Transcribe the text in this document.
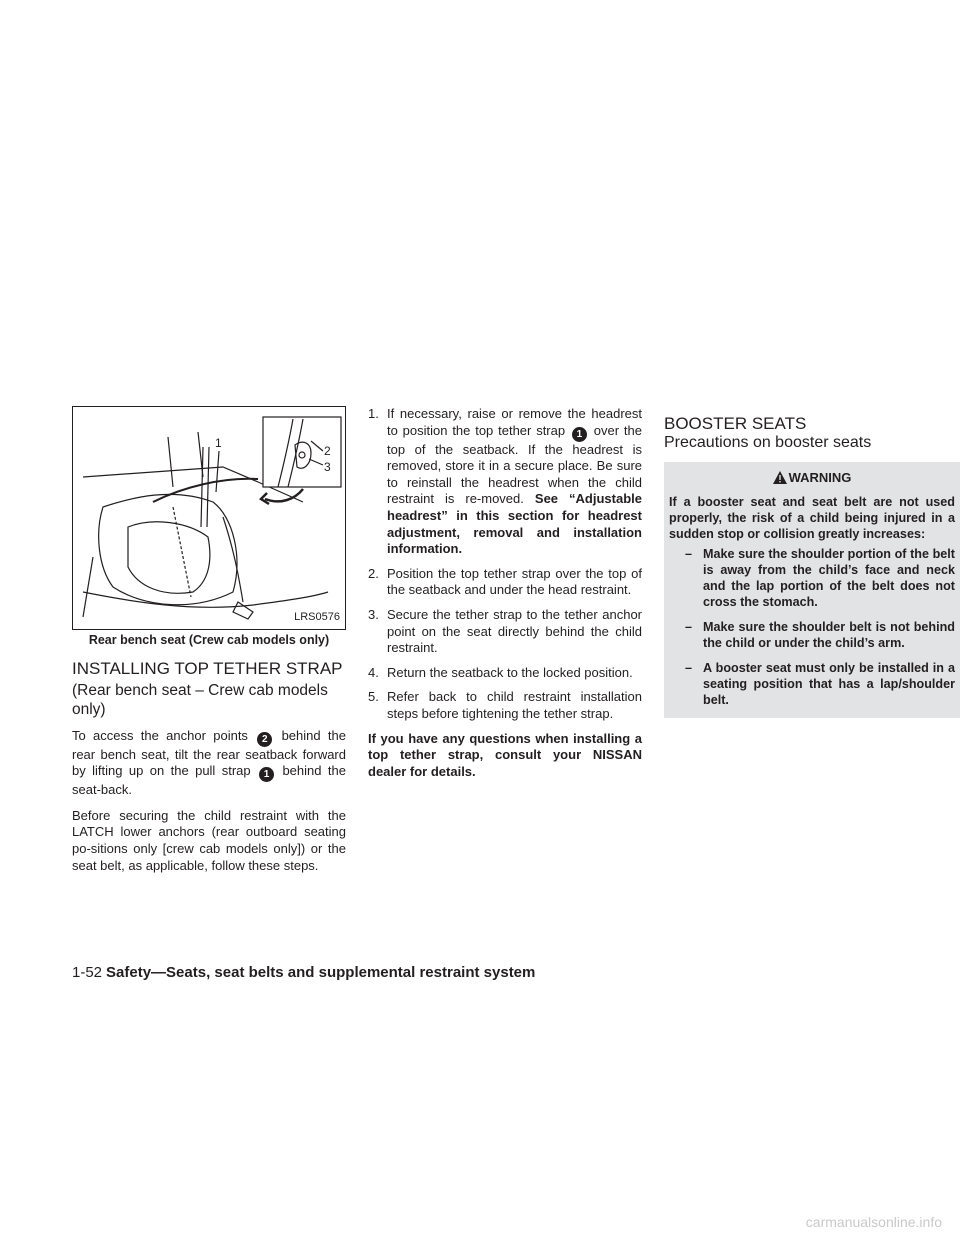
1
2
3
LRS0576
Rear bench seat (Crew cab models only)
INSTALLING TOP TETHER STRAP
(Rear bench seat – Crew cab models only)

To access the anchor points 2 behind the rear bench seat, tilt the rear seatback forward by lifting up on the pull strap 1 behind the seat-back.

Before securing the child restraint with the LATCH lower anchors (rear outboard seating po-sitions only [crew cab models only]) or the seat belt, as applicable, follow these steps.

1. If necessary, raise or remove the headrest to position the top tether strap 1 over the top of the seatback. If the headrest is removed, store it in a secure place. Be sure to reinstall the headrest when the child restraint is re-moved. See “Adjustable headrest” in this section for headrest adjustment, removal and installation information.
2. Position the top tether strap over the top of the seatback and under the head restraint.
3. Secure the tether strap to the tether anchor point on the seat directly behind the child restraint.
4. Return the seatback to the locked position.
5. Refer back to child restraint installation steps before tightening the tether strap.

If you have any questions when installing a top tether strap, consult your NISSAN dealer for details.

BOOSTER SEATS
Precautions on booster seats
WARNING

If a booster seat and seat belt are not used properly, the risk of a child being injured in a sudden stop or collision greatly increases:

– Make sure the shoulder portion of the belt is away from the child’s face and neck and the lap portion of the belt does not cross the stomach.
– Make sure the shoulder belt is not behind the child or under the child’s arm.
– A booster seat must only be installed in a seating position that has a lap/shoulder belt.
1-52 Safety—Seats, seat belts and supplemental restraint system
carmanualsonline.info
